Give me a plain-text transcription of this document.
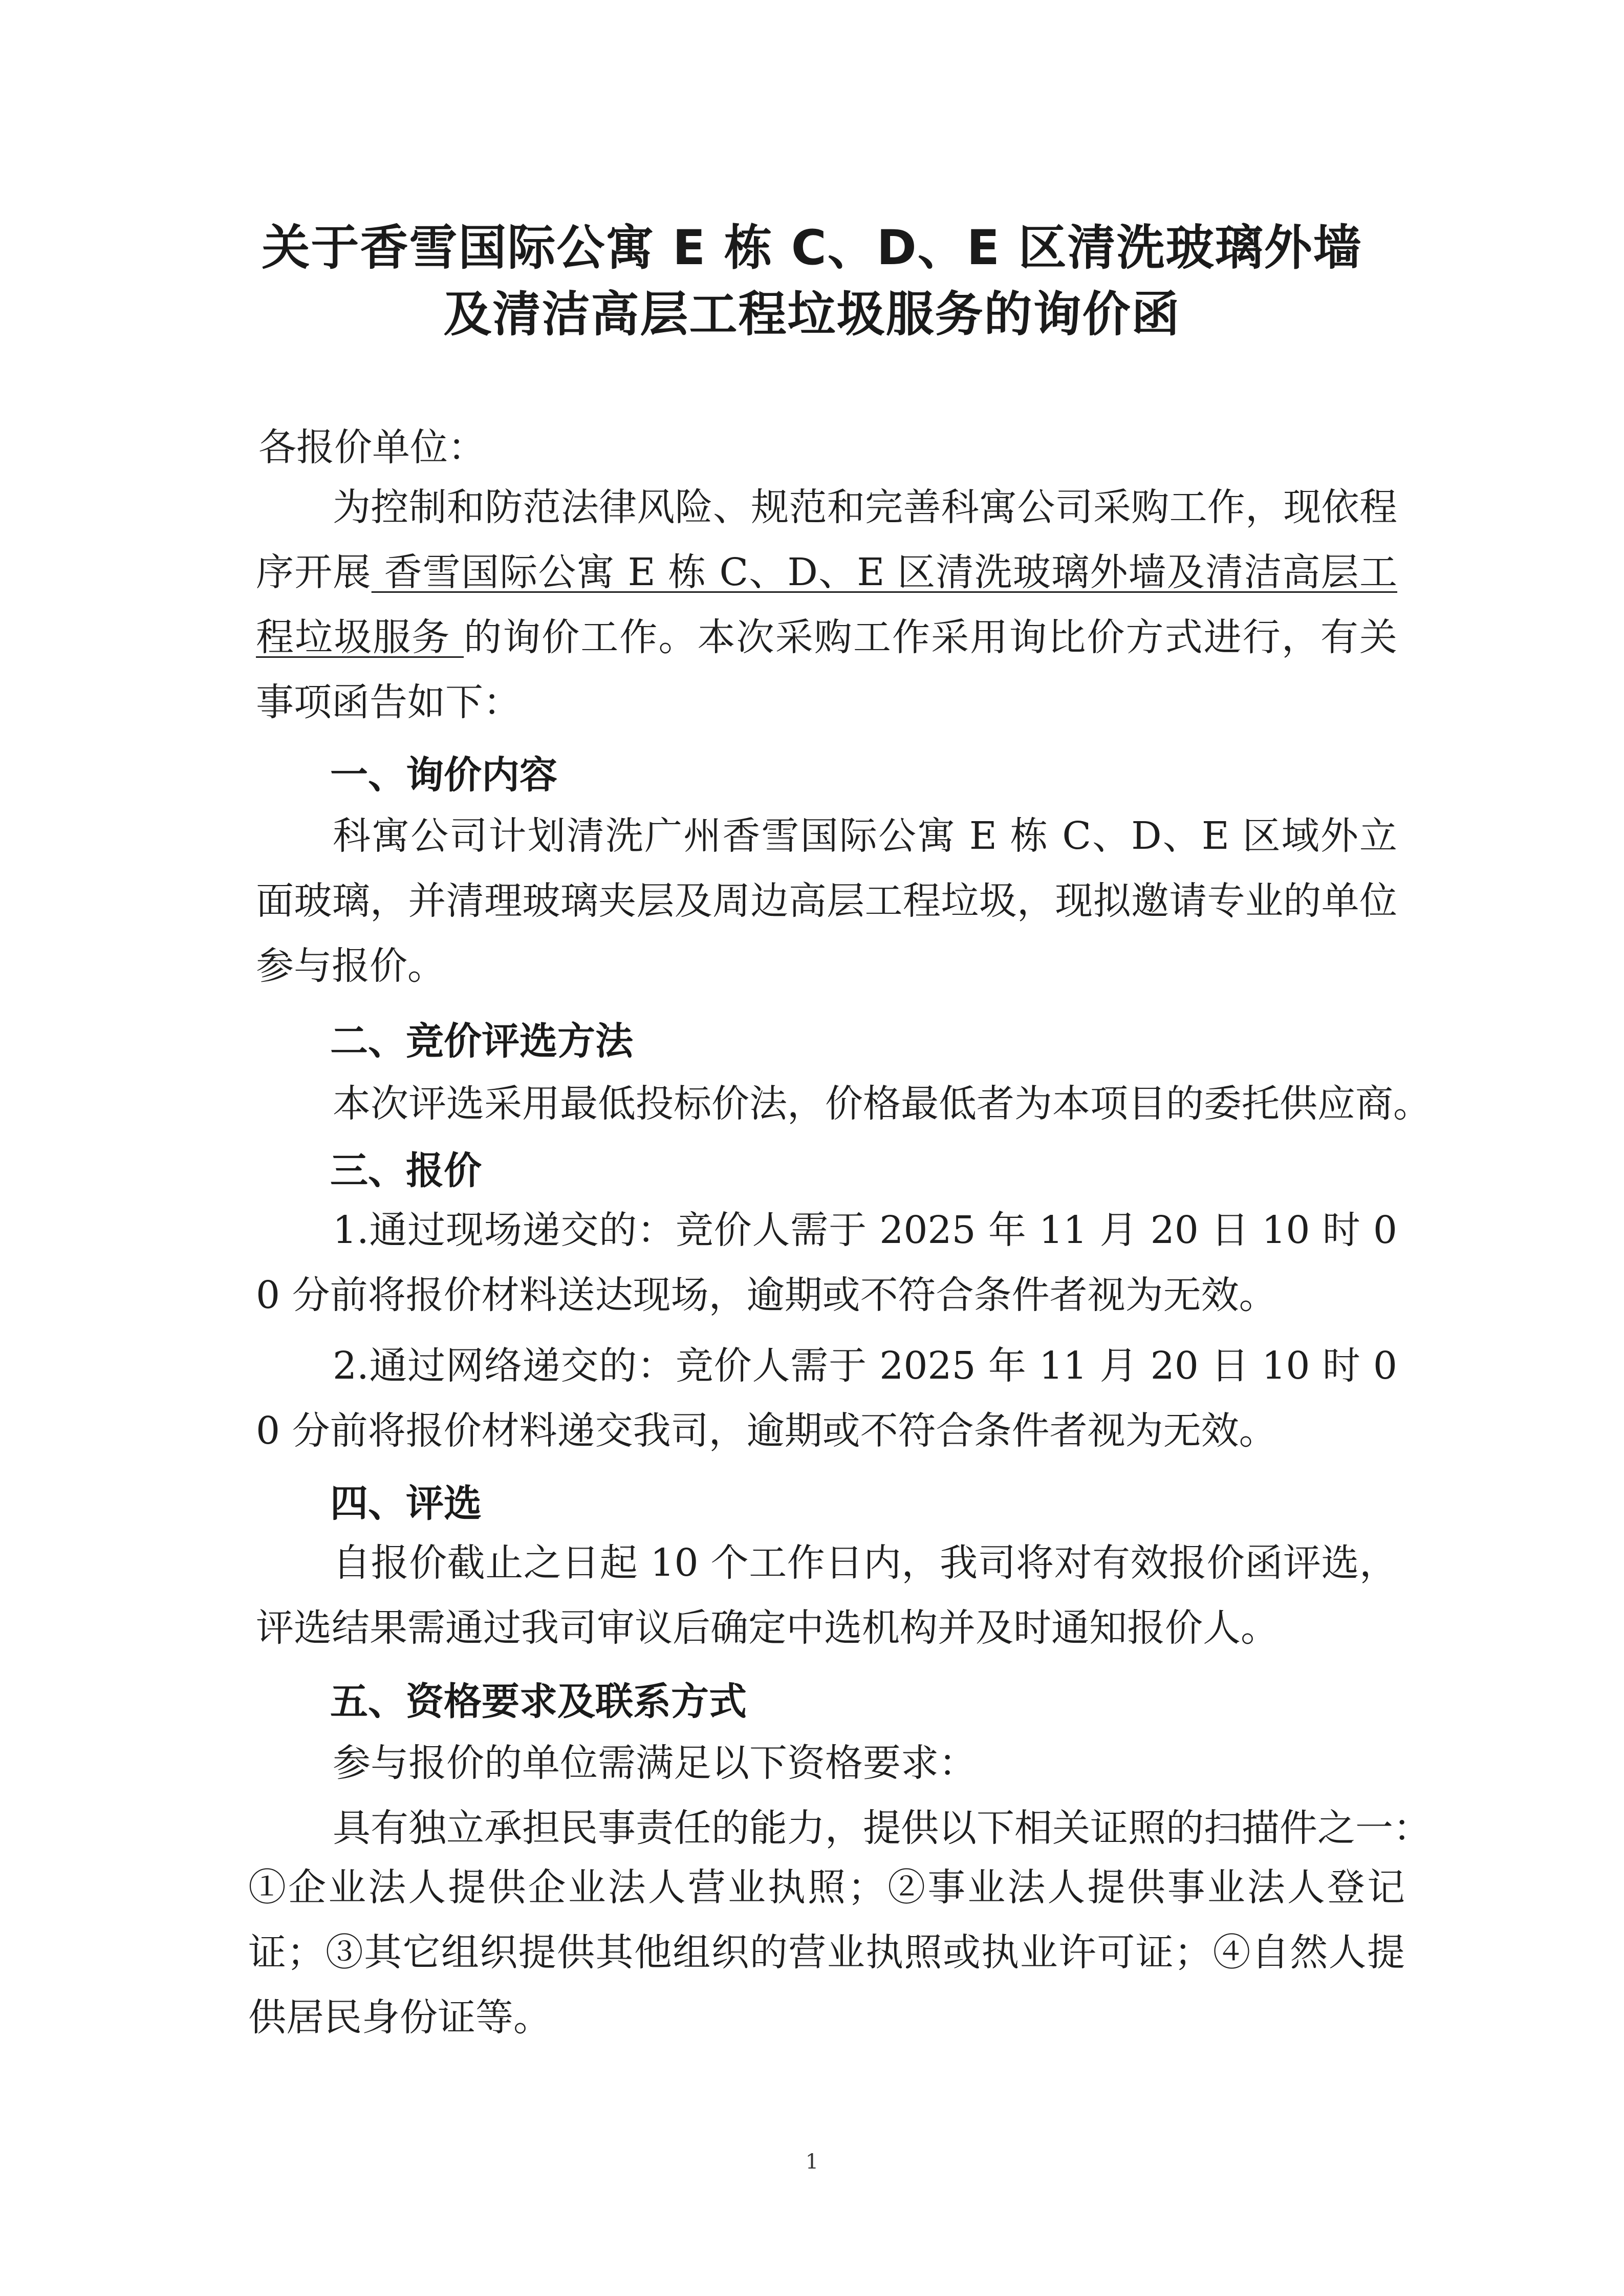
关于香雪国际公寓 E 栋 C、D、E 区清洗玻璃外墙
及清洁高层工程垃圾服务的询价函
各报价单位：
为控制和防范法律风险、规范和完善科寓公司采购工作，现依程序开展 香雪国际公寓 E 栋 C、D、E 区清洗玻璃外墙及清洁高层工程垃圾服务 的询价工作。本次采购工作采用询比价方式进行，有关事项函告如下：
一、询价内容
科寓公司计划清洗广州香雪国际公寓 E 栋 C、D、E 区域外立面玻璃，并清理玻璃夹层及周边高层工程垃圾，现拟邀请专业的单位参与报价。
二、竞价评选方法
本次评选采用最低投标价法，价格最低者为本项目的委托供应商。
三、报价
1.通过现场递交的：竞价人需于 2025 年 11 月 20 日 10 时 00 分前将报价材料送达现场，逾期或不符合条件者视为无效。
2.通过网络递交的：竞价人需于 2025 年 11 月 20 日 10 时 00 分前将报价材料递交我司，逾期或不符合条件者视为无效。
四、评选
自报价截止之日起 10 个工作日内，我司将对有效报价函评选，评选结果需通过我司审议后确定中选机构并及时通知报价人。
五、资格要求及联系方式
参与报价的单位需满足以下资格要求：
具有独立承担民事责任的能力，提供以下相关证照的扫描件之一：
①企业法人提供企业法人营业执照；②事业法人提供事业法人登记证；③其它组织提供其他组织的营业执照或执业许可证；④自然人提供居民身份证等。
1
